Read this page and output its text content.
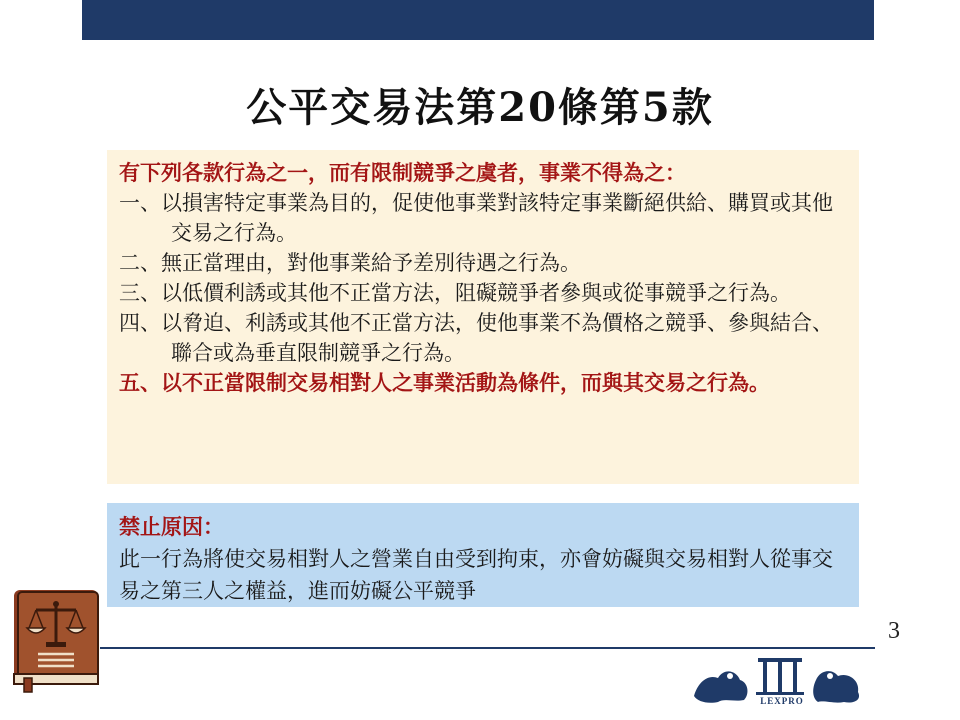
公平交易法第20條第5款

有下列各款行為之一，而有限制競爭之虞者，事業不得為之：

一、以損害特定事業為目的，促使他事業對該特定事業斷絕供給、購買或其他交易之行為。

二、無正當理由，對他事業給予差別待遇之行為。

三、以低價利誘或其他不正當方法，阻礙競爭者參與或從事競爭之行為。

四、以脅迫、利誘或其他不正當方法，使他事業不為價格之競爭、參與結合、聯合或為垂直限制競爭之行為。

五、以不正當限制交易相對人之事業活動為條件，而與其交易之行為。

禁止原因：
此一行為將使交易相對人之營業自由受到拘束，亦會妨礙與交易相對人從事交易之第三人之權益，進而妨礙公平競爭
3
LEXPRO
